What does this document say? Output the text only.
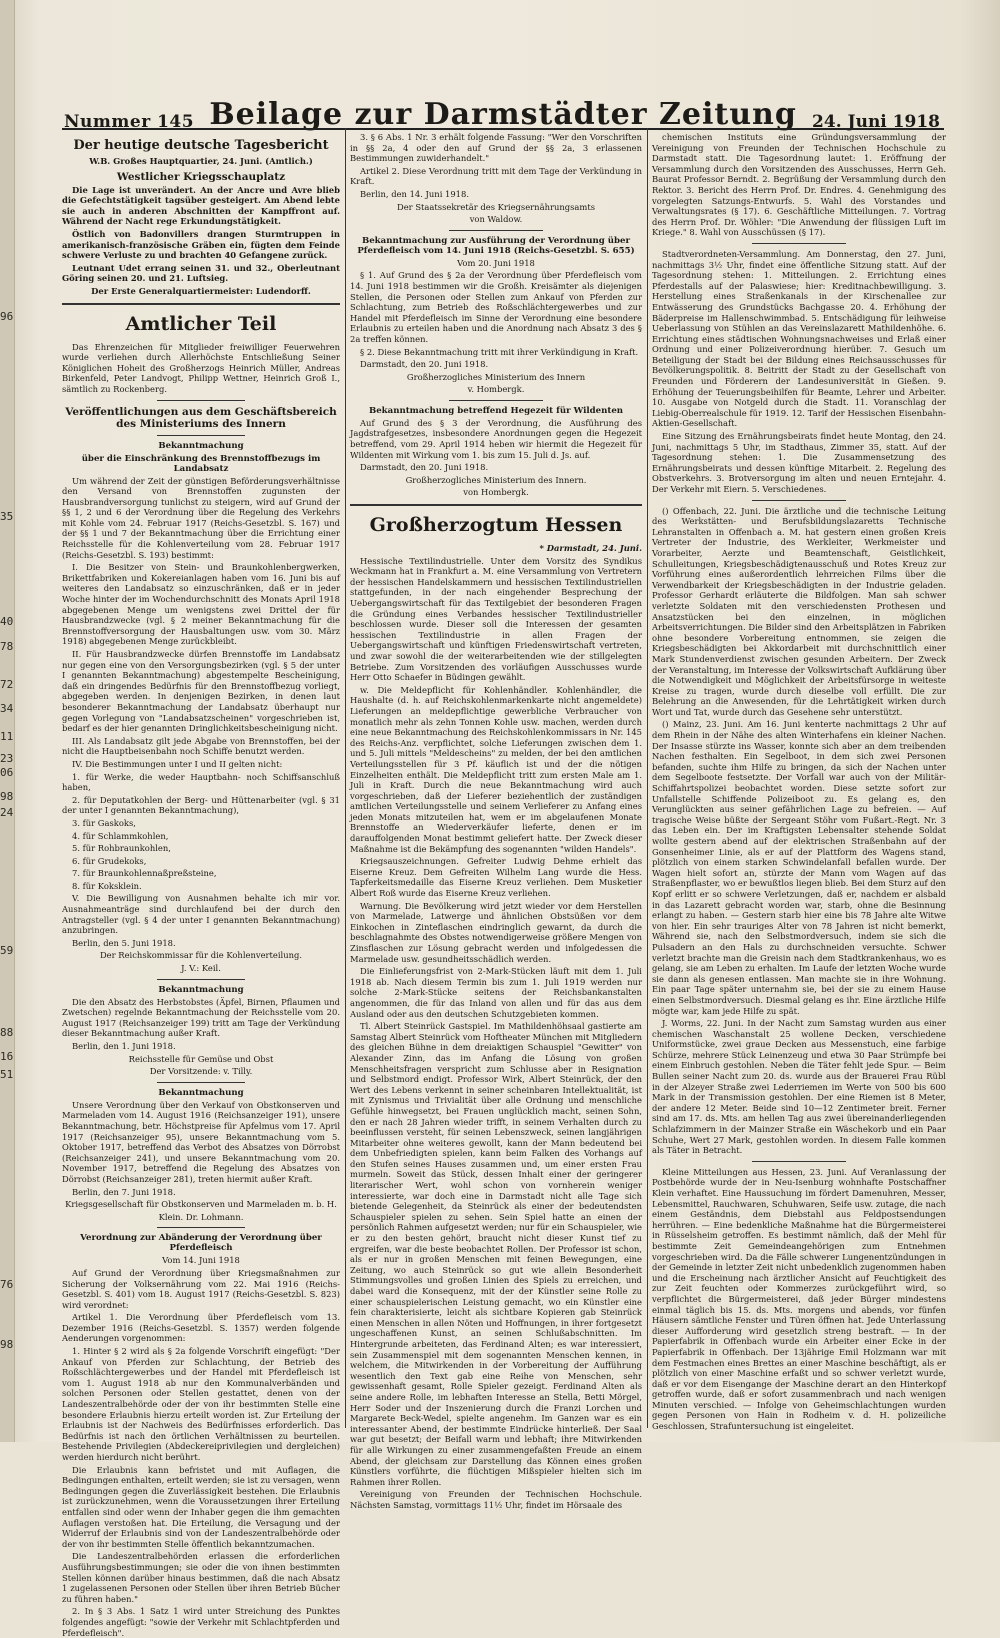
96
35
40
78
72
34
11
23
06
98
24
59
88
16
51
76
98
Nummer 145 Beilage zur Darmstädter Zeitung 24. Juni 1918
Der heutige deutsche Tagesbericht

W.B. Großes Hauptquartier, 24. Juni. (Amtlich.)

Westlicher Kriegsschauplatz

Die Lage ist unverändert. An der Ancre und Avre blieb die Gefechtstätigkeit tagsüber gesteigert. Am Abend lebte sie auch in anderen Abschnitten der Kampffront auf. Während der Nacht rege Erkundungstätigkeit.

Östlich von Badonvillers drangen Sturmtruppen in amerikanisch-französische Gräben ein, fügten dem Feinde schwere Verluste zu und brachten 40 Gefangene zurück.

Leutnant Udet errang seinen 31. und 32., Oberleutnant Göring seinen 20. und 21. Luftsieg.

Der Erste Generalquartiermeister: Ludendorff.

Amtlicher Teil

Das Ehrenzeichen für Mitglieder freiwilliger Feuerwehren wurde verliehen durch Allerhöchste Entschließung Seiner Königlichen Hoheit des Großherzogs Heinrich Müller, Andreas Birkenfeld, Peter Landvogt, Philipp Wettner, Heinrich Groß I., sämtlich zu Rockenberg.

Veröffentlichungen aus dem Geschäftsbereich des Ministeriums des Innern
Bekanntmachung
über die Einschränkung des Brennstoffbezugs im Landabsatz

Um während der Zeit der günstigen Beförderungsverhältnisse den Versand von Brennstoffen zugunsten der Hausbrandversorgung tunlichst zu steigern, wird auf Grund der §§ 1, 2 und 6 der Verordnung über die Regelung des Verkehrs mit Kohle vom 24. Februar 1917 (Reichs-Gesetzbl. S. 167) und der §§ 1 und 7 der Bekanntmachung über die Errichtung einer Reichsstelle für die Kohlenverteilung vom 28. Februar 1917 (Reichs-Gesetzbl. S. 193) bestimmt:

I. Die Besitzer von Stein- und Braunkohlenbergwerken, Brikettfabriken und Kokereianlagen haben vom 16. Juni bis auf weiteres den Landabsatz so einzuschränken, daß er in jeder Woche hinter der im Wochendurchschnitt des Monats April 1918 abgegebenen Menge um wenigstens zwei Drittel der für Hausbrandzwecke (vgl. § 2 meiner Bekanntmachung für die Brennstoffversorgung der Hausbaltungen usw. vom 30. März 1918) abgegebenen Menge zurückbleibt.

II. Für Hausbrandzwecke dürfen Brennstoffe im Landabsatz nur gegen eine von den Versorgungsbezirken (vgl. § 5 der unter I genannten Bekanntmachung) abgestempelte Bescheinigung, daß ein dringendes Bedürfnis für den Brennstoffbezug vorliegt, abgegeben werden. In denjenigen Bezirken, in denen laut besonderer Bekanntmachung der Landabsatz überhaupt nur gegen Vorlegung von "Landabsatzscheinen" vorgeschrieben ist, bedarf es der hier genannten Dringlichkeitsbescheinigung nicht.

III. Als Landabsatz gilt jede Abgabe von Brennstoffen, bei der nicht die Hauptbeisenbahn noch Schiffe benutzt werden.

IV. Die Bestimmungen unter I und II gelten nicht:

1. für Werke, die weder Hauptbahn- noch Schiffsanschluß haben,

2. für Deputatkohlen der Berg- und Hüttenarbeiter (vgl. § 31 der unter I genannten Bekanntmachung),

3. für Gaskoks,

4. für Schlammkohlen,

5. für Rohbraunkohlen,

6. für Grudekoks,

7. für Braunkohlennaßpreßsteine,

8. für Koksklein.

V. Die Bewilligung von Ausnahmen behalte ich mir vor. Ausnahmeanträge sind durchlaufend bei der durch den Antragsteller (vgl. § 4 der unter I genannten Bekanntmachung) anzubringen.

Berlin, den 5. Juni 1918.

Der Reichskommissar für die Kohlenverteilung.

J. V.: Keil.

Bekanntmachung

Die den Absatz des Herbstobstes (Äpfel, Birnen, Pflaumen und Zwetschen) regelnde Bekanntmachung der Reichsstelle vom 20. August 1917 (Reichsanzeiger 199) tritt am Tage der Verkündung dieser Bekanntmachung außer Kraft.

Berlin, den 1. Juni 1918.

Reichsstelle für Gemüse und Obst

Der Vorsitzende: v. Tilly.

Bekanntmachung

Unsere Verordnung über den Verkauf von Obstkonserven und Marmeladen vom 14. August 1916 (Reichsanzeiger 191), unsere Bekanntmachung, betr. Höchstpreise für Apfelmus vom 17. April 1917 (Reichsanzeiger 95), unsere Bekanntmachung vom 5. Oktober 1917, betreffend das Verbot des Absatzes von Dörrobst (Reichsanzeiger 241), und unsere Bekanntmachung vom 20. November 1917, betreffend die Regelung des Absatzes von Dörrobst (Reichsanzeiger 281), treten hiermit außer Kraft.

Berlin, den 7. Juni 1918.

Kriegsgesellschaft für Obstkonserven und Marmeladen m. b. H.

Klein. Dr. Lohmann.

Verordnung zur Abänderung der Verordnung über Pferdefleisch

Vom 14. Juni 1918

Auf Grund der Verordnung über Kriegsmaßnahmen zur Sicherung der Volksernährung vom 22. Mai 1916 (Reichs-Gesetzbl. S. 401) vom 18. August 1917 (Reichs-Gesetzbl. S. 823) wird verordnet:

Artikel 1. Die Verordnung über Pferdefleisch vom 13. Dezember 1916 (Reichs-Gesetzbl. S. 1357) werden folgende Aenderungen vorgenommen:

1. Hinter § 2 wird als § 2a folgende Vorschrift eingefügt: "Der Ankauf von Pferden zur Schlachtung, der Betrieb des Roßschlächtergewerbes und der Handel mit Pferdefleisch ist vom 1. August 1918 ab nur den Kommunalverbänden und solchen Personen oder Stellen gestattet, denen von der Landeszentralbehörde oder der von ihr bestimmten Stelle eine besondere Erlaubnis hierzu erteilt worden ist. Zur Erteilung der Erlaubnis ist der Nachweis des Bedürfnisses erforderlich. Das Bedürfnis ist nach den örtlichen Verhältnissen zu beurteilen. Bestehende Privilegien (Abdeckereiprivilegien und dergleichen) werden hierdurch nicht berührt.

Die Erlaubnis kann befristet und mit Auflagen, die Bedingungen enthalten, erteilt werden; sie ist zu versagen, wenn Bedingungen gegen die Zuverlässigkeit bestehen. Die Erlaubnis ist zurückzunehmen, wenn die Voraussetzungen ihrer Erteilung entfallen sind oder wenn der Inhaber gegen die ihm gemachten Auflagen verstoßen hat. Die Erteilung, die Versagung und der Widerruf der Erlaubnis sind von der Landeszentralbehörde oder der von ihr bestimmten Stelle öffentlich bekanntzumachen.

Die Landeszentralbehörden erlassen die erforderlichen Ausführungsbestimmungen; sie oder die von ihnen bestimmten Stellen können darüber hinaus bestimmen, daß die nach Absatz 1 zugelassenen Personen oder Stellen über ihren Betrieb Bücher zu führen haben."

2. In § 3 Abs. 1 Satz 1 wird unter Streichung des Punktes folgendes angefügt: "sowie der Verkehr mit Schlachtpferden und Pferdefleisch".

3. § 6 Abs. 1 Nr. 3 erhält folgende Fassung: "Wer den Vorschriften in §§ 2a, 4 oder den auf Grund der §§ 2a, 3 erlassenen Bestimmungen zuwiderhandelt."

Artikel 2. Diese Verordnung tritt mit dem Tage der Verkündung in Kraft.

Berlin, den 14. Juni 1918.

Der Staatssekretär des Kriegsernährungsamts

von Waldow.

Bekanntmachung zur Ausführung der Verordnung über Pferdefleisch vom 14. Juni 1918 (Reichs-Gesetzbl. S. 655)

Vom 20. Juni 1918

§ 1. Auf Grund des § 2a der Verordnung über Pferdefleisch vom 14. Juni 1918 bestimmen wir die Großh. Kreisämter als diejenigen Stellen, die Personen oder Stellen zum Ankauf von Pferden zur Schlachtung, zum Betrieb des Roßschlächtergewerbes und zur Handel mit Pferdefleisch im Sinne der Verordnung eine besondere Erlaubnis zu erteilen haben und die Anordnung nach Absatz 3 des § 2a treffen können.

§ 2. Diese Bekanntmachung tritt mit ihrer Verkündigung in Kraft.

Darmstadt, den 20. Juni 1918.

Großherzogliches Ministerium des Innern

v. Hombergk.

Bekanntmachung betreffend Hegezeit für Wildenten

Auf Grund des § 3 der Verordnung, die Ausführung des Jagdstrafgesetzes, insbesondere Anordnungen gegen die Hegezeit betreffend, vom 29. April 1914 heben wir hiermit die Hegezeit für Wildenten mit Wirkung vom 1. bis zum 15. Juli d. Js. auf.

Darmstadt, den 20. Juni 1918.

Großherzogliches Ministerium des Innern.

von Hombergk.

Großherzogtum Hessen

* Darmstadt, 24. Juni.

Hessische Textilindustrielle. Unter dem Vorsitz des Syndikus Weckmann hat in Frankfurt a. M. eine Versammlung von Vertretern der hessischen Handelskammern und hessischen Textilindustriellen stattgefunden, in der nach eingehender Besprechung der Uebergangswirtschaft für das Textilgebiet der besonderen Fragen die Gründung eines Verbandes hessischer Textilindustrieller beschlossen wurde. Dieser soll die Interessen der gesamten hessischen Textilindustrie in allen Fragen der Uebergangswirtschaft und künftigen Friedenswirtschaft vertreten, und zwar sowohl die der weiterarbeitenden wie der stillgelegten Betriebe. Zum Vorsitzenden des vorläufigen Ausschusses wurde Herr Otto Schaefer in Büdingen gewählt.

w. Die Meldepflicht für Kohlenhändler. Kohlenhändler, die Haushalte (d. h. auf Reichskohlenmarkenkarte nicht angemeldete) Lieferungen an meldepflichtige gewerbliche Verbraucher von monatlich mehr als zehn Tonnen Kohle usw. machen, werden durch eine neue Bekanntmachung des Reichskohlenkommissars in Nr. 145 des Reichs-Anz. verpflichtet, solche Lieferungen zwischen dem 1. und 5. Juli mittels "Meldescheins" zu melden, der bei den amtlichen Verteilungsstellen für 3 Pf. käuflich ist und der die nötigen Einzelheiten enthält. Die Meldepflicht tritt zum ersten Male am 1. Juli in Kraft. Durch die neue Bekanntmachung wird auch vorgeschrieben, daß der Lieferer beziehentlich der zuständigen amtlichen Verteilungsstelle und seinem Verlieferer zu Anfang eines jeden Monats mitzuteilen hat, wem er im abgelaufenen Monate Brennstoffe an Wiederverkäufer lieferte, denen er im darauffolgenden Monat bestimmt geliefert hatte. Der Zweck dieser Maßnahme ist die Bekämpfung des sogenannten "wilden Handels".

Kriegsauszeichnungen. Gefreiter Ludwig Dehme erhielt das Eiserne Kreuz. Dem Gefreiten Wilhelm Lang wurde die Hess. Tapferkeitsmedaille das Eiserne Kreuz verliehen. Dem Musketier Albert Roß wurde das Eiserne Kreuz verliehen.

Warnung. Die Bevölkerung wird jetzt wieder vor dem Herstellen von Marmelade, Latwerge und ähnlichen Obstsüßen vor dem Einkochen in Zinteflaschen eindringlich gewarnt, da durch die beschlagnahmte des Obstes notwendigerweise größere Mengen von Zinsflaschen zur Lösung gebracht werden und infolgedessen die Marmelade usw. gesundheitsschädlich werden.

Die Einlieferungsfrist von 2-Mark-Stücken läuft mit dem 1. Juli 1918 ab. Nach diesem Termin bis zum 1. Juli 1919 werden nur solche 2-Mark-Stücke seitens der Reichsbankanstalten angenommen, die für das Inland von allen und für das aus dem Ausland oder aus den deutschen Schutzgebieten kommen.

Tl. Albert Steinrück Gastspiel. Im Mathildenhöhsaal gastierte am Samstag Albert Steinrück vom Hoftheater München mit Mitgliedern des gleichen Bühne in dem dreiaktigen Schauspiel "Gewitter" von Alexander Zinn, das im Anfang die Lösung von großen Menschheitsfragen verspricht zum Schlusse aber in Resignation und Selbstmord endigt. Professor Wirk, Albert Steinrück, der den Wert des Lebens verkennt in seiner scheinbaren Intellektualität, ist mit Zynismus und Trivialität über alle Ordnung und menschliche Gefühle hinwegsetzt, bei Frauen unglücklich macht, seinen Sohn, den er nach 28 Jahren wieder trifft, in seinem Verhalten durch zu beeinflussen versteht, für seinen Lebenszweck, seinen langjährigen Mitarbeiter ohne weiteres gewollt, kann der Mann bedeutend bei dem Unbefriedigten spielen, kann beim Falken des Vorhangs auf den Stufen seines Hauses zusammen und, um einer ersten Frau murmeln. Soweit das Stück, dessen Inhalt einer der geringerer literarischer Wert, wohl schon von vornherein weniger interessierte, war doch eine in Darmstadt nicht alle Tage sich bietende Gelegenheit, da Steinrück als einer der bedeutendsten Schauspieler spielen zu sehen. Sein Spiel hatte an einen der persönlich Rahmen aufgesetzt werden; nur für ein Schauspieler, wie er zu den besten gehört, braucht nicht dieser Kunst tief zu ergreifen, war die beste beobachtet Rollen. Der Professor ist schon, als er nur in großen Menschen mit feinen Bewegungen, eine Zeitung, wo auch Steinrück so gut wie allein Besonderheit Stimmungsvolles und großen Linien des Spiels zu erreichen, und dabei ward die Konsequenz, mit der der Künstler seine Rolle zu einer schauspielerischen Leistung gemacht, wo ein Künstler eine fein charakterisierte, leicht als sichtbare Kopieren gab Steinrück einen Menschen in allen Nöten und Hoffnungen, in ihrer fortgesetzt ungeschaffenen Kunst, an seinen Schlußabschnitten. Im Hintergrunde arbeiteten, das Ferdinand Alten; es war interessiert, sein Zusammenspiel mit dem sogenannten Menschen kennen, in welchem, die Mitwirkenden in der Vorbereitung der Aufführung wesentlich den Text gab eine Reihe von Menschen, sehr gewissenhaft gesamt, Rolle Spieler gezeigt. Ferdinand Alten als seine andere Rolle, im lebhaften Interesse an Stella, Betti Mörgel, Herr Soder und der Inszenierung durch die Franzi Lorchen und Margarete Beck-Wedel, spielte angenehm. Im Ganzen war es ein interessanter Abend, der bestimmte Eindrücke hinterließ. Der Saal war gut besetzt; der Beifall warm und lebhaft; ihre Mitwirkenden für alle Wirkungen zu einer zusammengefaßten Freude an einem Abend, der gleichsam zur Darstellung das Können eines großen Künstlers vorführte, die flüchtigen Mißspieler hielten sich im Rahmen ihrer Rollen.

Vereinigung von Freunden der Technischen Hochschule. Nächsten Samstag, vormittags 11½ Uhr, findet im Hörsaale des

chemischen Instituts eine Gründungsversammlung der Vereinigung von Freunden der Technischen Hochschule zu Darmstadt statt. Die Tagesordnung lautet: 1. Eröffnung der Versammlung durch den Vorsitzenden des Ausschusses, Herrn Geh. Baurat Professor Berndt. 2. Begrüßung der Versammlung durch den Rektor. 3. Bericht des Herrn Prof. Dr. Endres. 4. Genehmigung des vorgelegten Satzungs-Entwurfs. 5. Wahl des Vorstandes und Verwaltungsrates (§ 17). 6. Geschäftliche Mitteilungen. 7. Vortrag des Herrn Prof. Dr. Wöhler: "Die Anwendung der flüssigen Luft im Kriege." 8. Wahl von Ausschüssen (§ 17).

Stadtverordneten-Versammlung. Am Donnerstag, den 27. Juni, nachmittags 3½ Uhr, findet eine öffentliche Sitzung statt. Auf der Tagesordnung stehen: 1. Mitteilungen. 2. Errichtung eines Pferdestalls auf der Palaswiese; hier: Kreditnachbewilligung. 3. Herstellung eines Straßenkanals in der Kirschenallee zur Entwässerung des Grundstücks Bachgasse 20. 4. Erhöhung der Bäderpreise im Hallenschwimmbad. 5. Entschädigung für leihweise Ueberlassung von Stühlen an das Vereinslazarett Mathildenhöhe. 6. Errichtung eines städtischen Wohnungsnachweises und Erlaß einer Ordnung und einer Polizeiverordnung hierüber. 7. Gesuch um Beteiligung der Stadt bei der Bildung eines Reichsausschusses für Bevölkerungspolitik. 8. Beitritt der Stadt zu der Gesellschaft von Freunden und Förderern der Landesuniversität in Gießen. 9. Erhöhung der Teuerungsbeihilfen für Beamte, Lehrer und Arbeiter. 10. Ausgabe von Notgeld durch die Stadt. 11. Voranschlag der Liebig-Oberrealschule für 1919. 12. Tarif der Hessischen Eisenbahn-Aktien-Gesellschaft.

Eine Sitzung des Ernährungsbeirats findet heute Montag, den 24. Juni, nachmittags 5 Uhr, im Stadthaus, Zimmer 35, statt. Auf der Tagesordnung stehen: 1. Die Zusammensetzung des Ernährungsbeirats und dessen künftige Mitarbeit. 2. Regelung des Obstverkehrs. 3. Brotversorgung im alten und neuen Erntejahr. 4. Der Verkehr mit Eiern. 5. Verschiedenes.

() Offenbach, 22. Juni. Die ärztliche und die technische Leitung des Werkstätten- und Berufsbildungslazaretts Technische Lehranstalten in Offenbach a. M. hat gestern einen großen Kreis Vertreter der Industrie, des Werkleiter, Werkmeister und Vorarbeiter, Aerzte und Beamtenschaft, Geistlichkeit, Schulleitungen, Kriegsbeschädigtenausschuß und Rotes Kreuz zur Vorführung eines außerordentlich lehrreichen Films über die Verwendbarkeit der Kriegsbeschädigten in der Industrie geladen. Professor Gerhardt erläuterte die Bildfolgen. Man sah schwer verletzte Soldaten mit den verschiedensten Prothesen und Ansatzstücken bei den einzelnen, in möglichen Arbeitsverrichtungen. Die Bilder sind den Arbeitsplätzen in Fabriken ohne besondere Vorbereitung entnommen, sie zeigen die Kriegsbeschädigten bei Akkordarbeit mit durchschnittlich einer Mark Stundenverdienst zwischen gesunden Arbeitern. Der Zweck der Veranstaltung, im Interesse der Volkswirtschaft Aufklärung über die Notwendigkeit und Möglichkeit der Arbeitsfürsorge in weiteste Kreise zu tragen, wurde durch dieselbe voll erfüllt. Die zur Belehrung an die Anwesenden, für die Lehrtätigkeit wirken durch Wort und Tat, wurde durch das Gesehene sehr unterstützt.

() Mainz, 23. Juni. Am 16. Juni kenterte nachmittags 2 Uhr auf dem Rhein in der Nähe des alten Winterhafens ein kleiner Nachen. Der Insasse stürzte ins Wasser, konnte sich aber an dem treibenden Nachen festhalten. Ein Segelboot, in dem sich zwei Personen befanden, suchte ihm Hilfe zu bringen, da sich der Nachen unter dem Segelboote festsetzte. Der Vorfall war auch von der Militär-Schiffahrtspolizei beobachtet worden. Diese setzte sofort zur Unfallstelle Schiffende Polizeiboot zu. Es gelang es, den Verunglückten aus seiner gefährlichen Lage zu befreien. — Auf tragische Weise büßte der Sergeant Stöhr vom Fußart.-Regt. Nr. 3 das Leben ein. Der im Kraftigsten Lebensalter stehende Soldat wollte gestern abend auf der elektrischen Straßenbahn auf der Gonsenheimer Linie, als er auf der Plattform des Wagens stand, plötzlich von einem starken Schwindelanfall befallen wurde. Der Wagen hielt sofort an, stürzte der Mann vom Wagen auf das Straßenpflaster, wo er bewußtlos liegen blieb. Bei dem Sturz auf den Kopf erlitt er so schwere Verletzungen, daß er, nachdem er alsbald in das Lazarett gebracht worden war, starb, ohne die Besinnung erlangt zu haben. — Gestern starb hier eine bis 78 Jahre alte Witwe von hier. Ein sehr trauriges Alter von 78 Jahren ist nicht bemerkt, Während sie, nach den Selbstmordversuch, indem sie sich die Pulsadern an den Hals zu durchschneiden versuchte. Schwer verletzt brachte man die Greisin nach dem Stadtkrankenhaus, wo es gelang, sie am Leben zu erhalten. Im Laufe der letzten Woche wurde sie dann als genesen entlassen. Man machte sie in ihre Wohnung. Ein paar Tage später unternahm sie, bei der sie zu einem Hause einen Selbstmordversuch. Diesmal gelang es ihr. Eine ärztliche Hilfe mögte war, kam jede Hilfe zu spät.

J. Worms, 22. Juni. In der Nacht zum Samstag wurden aus einer chemischen Waschanstalt 25 wollene Decken, verschiedene Uniformstücke, zwei graue Decken aus Messenstuch, eine farbige Schürze, mehrere Stück Leinenzeug und etwa 30 Paar Strümpfe bei einem Einbruch gestohlen. Neben die Täter fehlt jede Spur. — Beim Bullen seiner Nacht zum 20. ds. wurde aus der Brauerei Frau Rübl in der Alzeyer Straße zwei Lederriemen im Werte von 500 bis 600 Mark in der Transmission gestohlen. Der eine Riemen ist 8 Meter, der andere 12 Meter. Beide sind 10—12 Zentimeter breit. Ferner sind am 17. ds. Mts. am hellen Tag aus zwei übereinanderliegenden Schlafzimmern in der Mainzer Straße ein Wäschekorb und ein Paar Schuhe, Wert 27 Mark, gestohlen worden. In diesem Falle kommen als Täter in Betracht.

Kleine Mitteilungen aus Hessen, 23. Juni. Auf Veranlassung der Postbehörde wurde der in Neu-Isenburg wohnhafte Postschaffner Klein verhaftet. Eine Haussuchung im fördert Damenuhren, Messer, Lebensmittel, Rauchwaren, Schuhwaren, Seife usw. zutage, die nach einem Geständnis, dem Diebstahl aus Feldpostsendungen herrühren. — Eine bedenkliche Maßnahme hat die Bürgermeisterei in Rüsselsheim getroffen. Es bestimmt nämlich, daß der Mehl für bestimmte Zeit Gemeindeangehörigen zum Entnehmen vorgeschrieben wird. Da die Fälle schwerer Lungenentzündungen in der Gemeinde in letzter Zeit nicht unbedenklich zugenommen haben und die Erscheinung nach ärztlicher Ansicht auf Feuchtigkeit des zur Zeit feuchten oder Kommerzes zurückgeführt wird, so verpflichtet die Bürgermeisterei, daß jeder Bürger mindestens einmal täglich bis 15. ds. Mts. morgens und abends, vor fünfen Häusern sämtliche Fenster und Türen öffnen hat. Jede Unterlassung dieser Aufforderung wird gesetzlich streng bestraft. — In der Papierfabrik in Offenbach wurde ein Arbeiter einer Ecke in der Papierfabrik in Offenbach. Der 13jährige Emil Holzmann war mit dem Festmachen eines Brettes an einer Maschine beschäftigt, als er plötzlich von einer Maschine erfaßt und so schwer verletzt wurde, daß er vor dem Eisengange der Maschine derart an den Hinterkopf getroffen wurde, daß er sofort zusammenbrach und nach wenigen Minuten verschied. — Infolge von Geheimschlachtungen wurden gegen Personen von Hain in Rodheim v. d. H. polizeiliche Geschlossen, Strafuntersuchung ist eingeleitet.
